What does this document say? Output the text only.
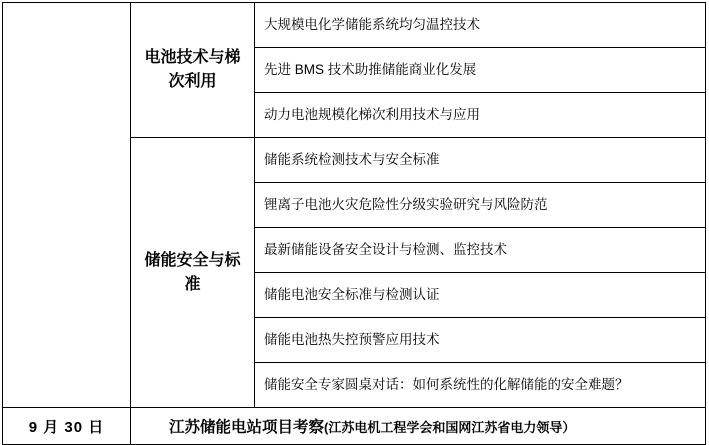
	电池技术与梯次利用	大规模电化学储能系统均匀温控技术

		先进 BMS 技术助推储能商业化发展

		动力电池规模化梯次利用技术与应用

	储能安全与标准	储能系统检测技术与安全标准

		锂离子电池火灾危险性分级实验研究与风险防范

		最新储能设备安全设计与检测、监控技术

		储能电池安全标准与检测认证

		储能电池热失控预警应用技术

		储能安全专家圆桌对话：如何系统性的化解储能的安全难题？

9 月 30 日	江苏储能电站项目考察(江苏电机工程学会和国网江苏省电力领导）	
